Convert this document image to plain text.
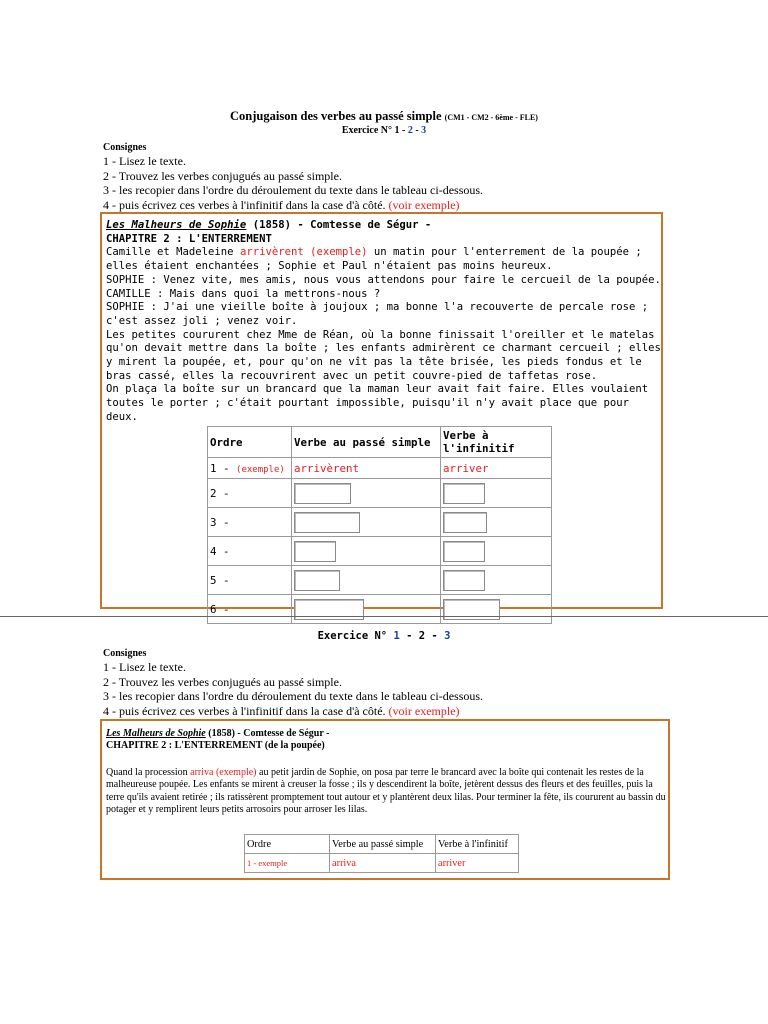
Conjugaison des verbes au passé simple (CM1 - CM2 - 6ème - FLE)
Exercice N° 1 - 2 - 3
Consignes
1 - Lisez le texte.
2 - Trouvez les verbes conjugués au passé simple.
3 - les recopier dans l'ordre du déroulement du texte dans le tableau ci-dessous.
4 - puis écrivez ces verbes à l'infinitif dans la case d'à côté. (voir exemple)
Les Malheurs de Sophie (1858) - Comtesse de Ségur -
CHAPITRE 2 : L'ENTERREMENT
Camille et Madeleine arrivèrent (exemple) un matin pour l'enterrement de la poupée ; elles étaient enchantées ; Sophie et Paul n'étaient pas moins heureux.
SOPHIE : Venez vite, mes amis, nous vous attendons pour faire le cercueil de la poupée.
CAMILLE : Mais dans quoi la mettrons-nous ?
SOPHIE : J'ai une vieille boîte à joujoux ; ma bonne l'a recouverte de percale rose ; c'est assez joli ; venez voir.
Les petites coururent chez Mme de Réan, où la bonne finissait l'oreiller et le matelas qu'on devait mettre dans la boîte ; les enfants admirèrent ce charmant cercueil ; elles y mirent la poupée, et, pour qu'on ne vît pas la tête brisée, les pieds fondus et le bras cassé, elles la recouvrirent avec un petit couvre-pied de taffetas rose.
On plaça la boîte sur un brancard que la maman leur avait fait faire. Elles voulaient toutes le porter ; c'était pourtant impossible, puisqu'il n'y avait place que pour deux.
Ordre	Verbe au passé simple	Verbe à l'infinitif
1 - (exemple)	arrivèrent	arriver
2 -		
3 -		
4 -		
5 -		
6 -		
Exercice N° 1 - 2 - 3
Consignes
1 - Lisez le texte.
2 - Trouvez les verbes conjugués au passé simple.
3 - les recopier dans l'ordre du déroulement du texte dans le tableau ci-dessous.
4 - puis écrivez ces verbes à l'infinitif dans la case d'à côté. (voir exemple)
Les Malheurs de Sophie (1858) - Comtesse de Ségur -
CHAPITRE 2 : L'ENTERREMENT (de la poupée)
Quand la procession arriva (exemple) au petit jardin de Sophie, on posa par terre le brancard avec la boîte qui contenait les restes de la malheureuse poupée. Les enfants se mirent à creuser la fosse ; ils y descendirent la boîte, jetèrent dessus des fleurs et des feuilles, puis la terre qu'ils avaient retirée ; ils ratissèrent promptement tout autour et y plantèrent deux lilas. Pour terminer la fête, ils coururent au bassin du potager et y remplirent leurs petits arrosoirs pour arroser les lilas.
Ordre	Verbe au passé simple	Verbe à l'infinitif
1 - exemple	arriva	arriver
